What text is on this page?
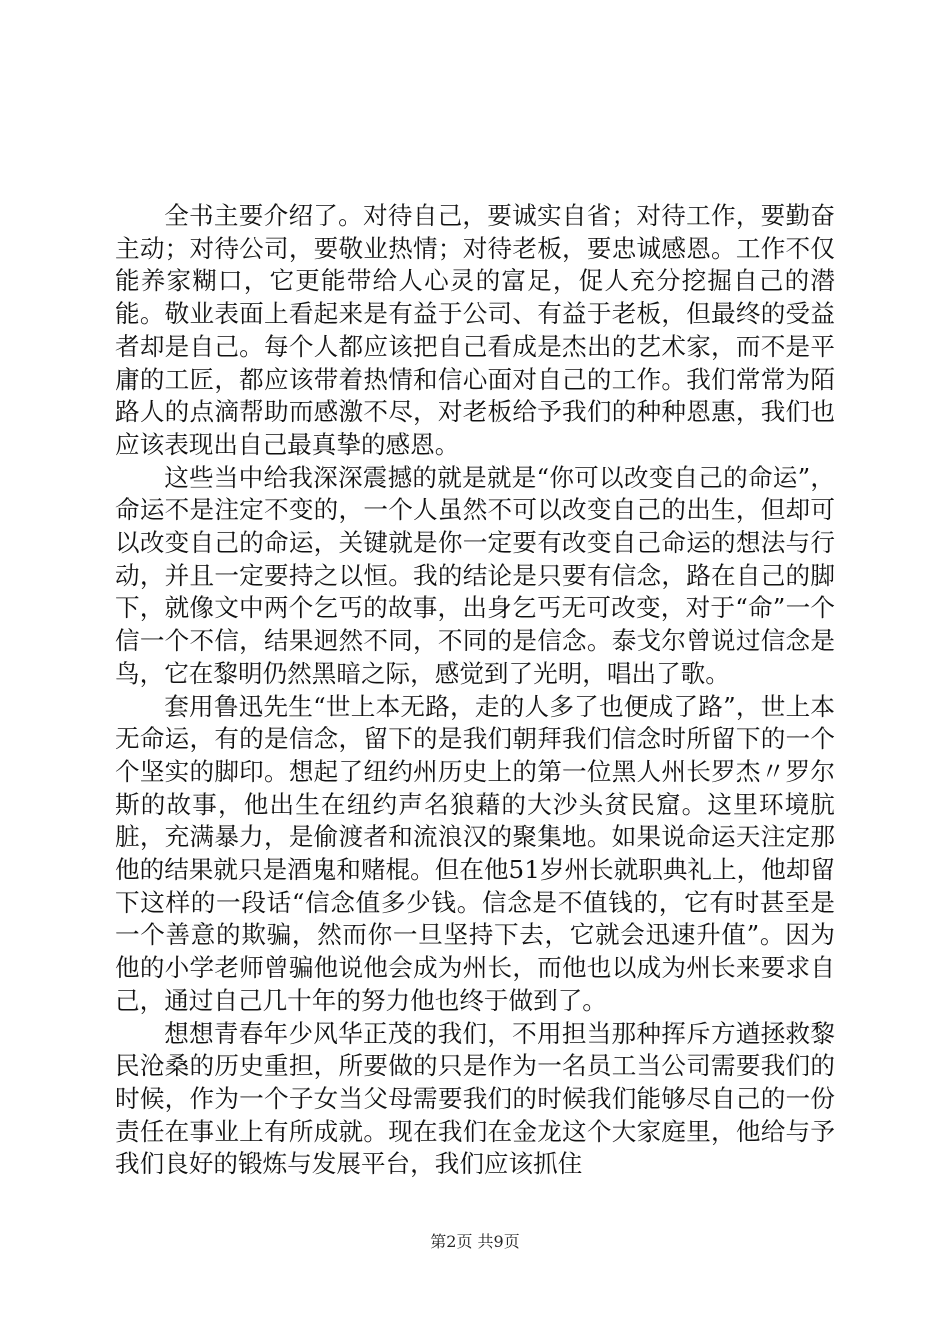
全书主要介绍了。对待自己，要诚实自省；对待工作，要勤奋主动；对待公司，要敬业热情；对待老板，要忠诚感恩。工作不仅能养家糊口，它更能带给人心灵的富足，促人充分挖掘自己的潜能。敬业表面上看起来是有益于公司、有益于老板，但最终的受益者却是自己。每个人都应该把自己看成是杰出的艺术家，而不是平庸的工匠，都应该带着热情和信心面对自己的工作。我们常常为陌路人的点滴帮助而感激不尽，对老板给予我们的种种恩惠，我们也应该表现出自己最真挚的感恩。

这些当中给我深深震撼的就是就是“你可以改变自己的命运”，命运不是注定不变的，一个人虽然不可以改变自己的出生，但却可以改变自己的命运，关键就是你一定要有改变自己命运的想法与行动，并且一定要持之以恒。我的结论是只要有信念，路在自己的脚下，就像文中两个乞丐的故事，出身乞丐无可改变，对于“命”一个信一个不信，结果迥然不同，不同的是信念。泰戈尔曾说过信念是鸟，它在黎明仍然黑暗之际，感觉到了光明，唱出了歌。

套用鲁迅先生“世上本无路，走的人多了也便成了路”，世上本无命运，有的是信念，留下的是我们朝拜我们信念时所留下的一个个坚实的脚印。想起了纽约州历史上的第一位黑人州长罗杰〃罗尔斯的故事，他出生在纽约声名狼藉的大沙头贫民窟。这里环境肮脏，充满暴力，是偷渡者和流浪汉的聚集地。如果说命运天注定那他的结果就只是酒鬼和赌棍。但在他51岁州长就职典礼上，他却留下这样的一段话“信念值多少钱。信念是不值钱的，它有时甚至是一个善意的欺骗，然而你一旦坚持下去，它就会迅速升值”。因为他的小学老师曾骗他说他会成为州长，而他也以成为州长来要求自己，通过自己几十年的努力他也终于做到了。

想想青春年少风华正茂的我们，不用担当那种挥斥方遒拯救黎民沧桑的历史重担，所要做的只是作为一名员工当公司需要我们的时候，作为一个子女当父母需要我们的时候我们能够尽自己的一份责任在事业上有所成就。现在我们在金龙这个大家庭里，他给与予我们良好的锻炼与发展平台，我们应该抓住

第2页 共9页
